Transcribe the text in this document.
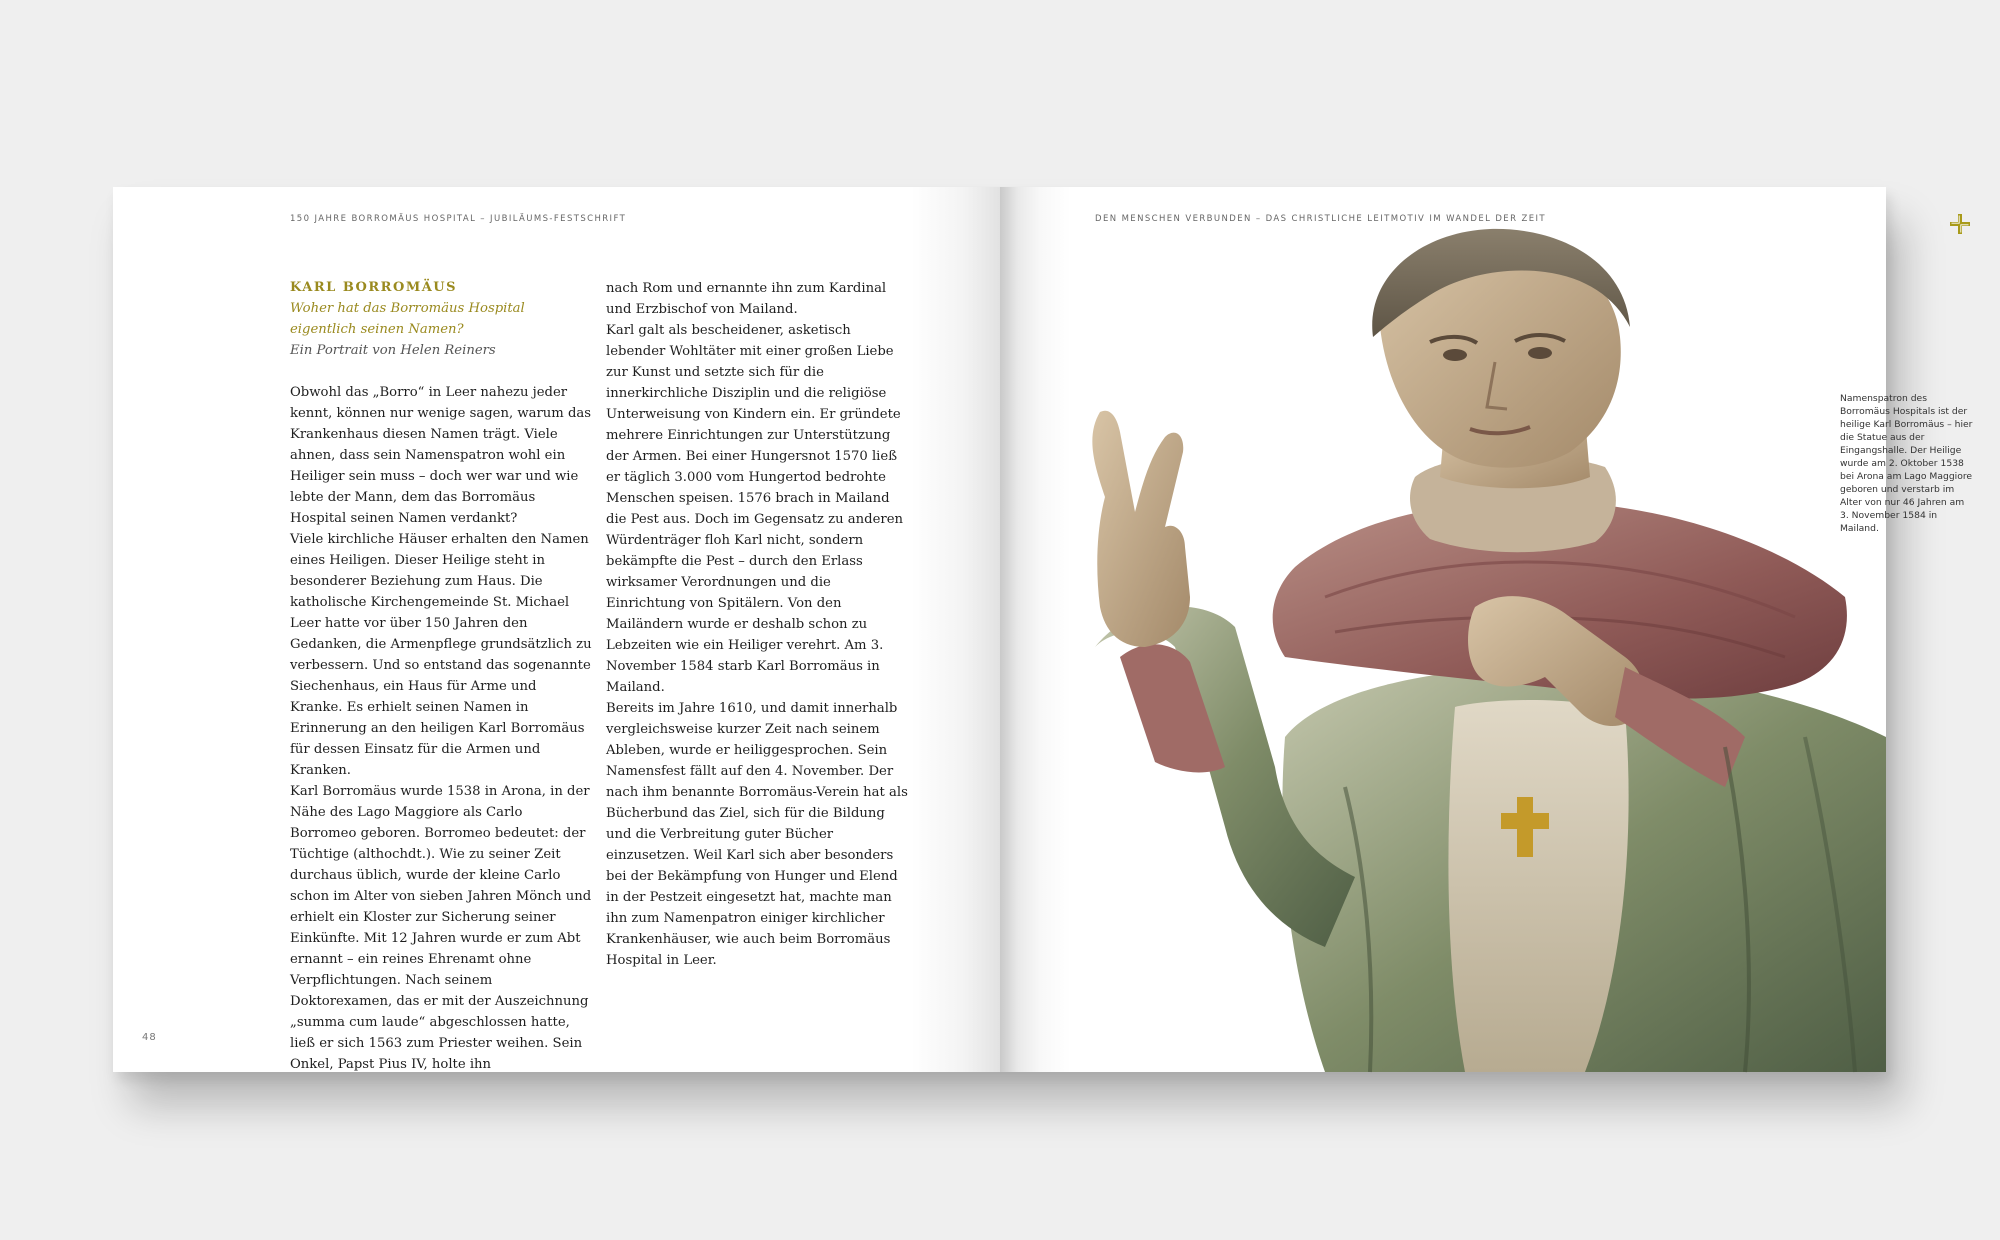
150 JAHRE BORROMÄUS HOSPITAL – JUBILÄUMS-FESTSCHRIFT
KARL BORROMÄUS
Woher hat das Borromäus Hospital
eigentlich seinen Namen?
Ein Portrait von Helen Reiners

Obwohl das „Borro“ in Leer nahezu jeder kennt, können nur wenige sagen, warum das Krankenhaus diesen Namen trägt. Viele ahnen, dass sein Namenspatron wohl ein Heiliger sein muss – doch wer war und wie lebte der Mann, dem das Borromäus Hospital seinen Namen verdankt?

Viele kirchliche Häuser erhalten den Namen eines Heiligen. Dieser Heilige steht in besonderer Beziehung zum Haus. Die katholische Kirchengemeinde St. Michael Leer hatte vor über 150 Jahren den Gedanken, die Armenpflege grundsätzlich zu verbessern. Und so entstand das sogenannte Siechenhaus, ein Haus für Arme und Kranke. Es erhielt seinen Namen in Erinnerung an den heiligen Karl Borromäus für dessen Einsatz für die Armen und Kranken.

Karl Borromäus wurde 1538 in Arona, in der Nähe des Lago Maggiore als Carlo Borromeo geboren. Borromeo bedeutet: der Tüchtige (althochdt.). Wie zu seiner Zeit durchaus üblich, wurde der kleine Carlo schon im Alter von sieben Jahren Mönch und erhielt ein Kloster zur Sicherung seiner Einkünfte. Mit 12 Jahren wurde er zum Abt ernannt – ein reines Ehrenamt ohne Verpflichtungen. Nach seinem Doktorexamen, das er mit der Auszeichnung „summa cum laude“ abgeschlossen hatte, ließ er sich 1563 zum Priester weihen. Sein Onkel, Papst Pius IV, holte ihn

nach Rom und ernannte ihn zum Kardinal und Erzbischof von Mailand.

Karl galt als bescheidener, asketisch lebender Wohltäter mit einer großen Liebe zur Kunst und setzte sich für die innerkirchliche Disziplin und die religiöse Unterweisung von Kindern ein. Er gründete mehrere Einrichtungen zur Unterstützung der Armen. Bei einer Hungersnot 1570 ließ er täglich 3.000 vom Hungertod bedrohte Menschen speisen. 1576 brach in Mailand die Pest aus. Doch im Gegensatz zu anderen Würdenträger floh Karl nicht, sondern bekämpfte die Pest – durch den Erlass wirksamer Verordnungen und die Einrichtung von Spitälern. Von den Mailändern wurde er deshalb schon zu Lebzeiten wie ein Heiliger verehrt. Am 3. November 1584 starb Karl Borromäus in Mailand.

Bereits im Jahre 1610, und damit innerhalb vergleichsweise kurzer Zeit nach seinem Ableben, wurde er heiliggesprochen. Sein Namensfest fällt auf den 4. November. Der nach ihm benannte Borromäus-Verein hat als Bücherbund das Ziel, sich für die Bildung und die Verbreitung guter Bücher einzusetzen. Weil Karl sich aber besonders bei der Bekämpfung von Hunger und Elend in der Pestzeit eingesetzt hat, machte man ihn zum Namenpatron einiger kirchlicher Krankenhäuser, wie auch beim Borromäus Hospital in Leer.

48
DEN MENSCHEN VERBUNDEN – DAS CHRISTLICHE LEITMOTIV IM WANDEL DER ZEIT
Namenspatron des Borromäus Hospitals ist der heilige Karl Borromäus – hier die Statue aus der Eingangshalle. Der Heilige wurde am 2. Oktober 1538 bei Arona am Lago Maggiore geboren und verstarb im Alter von nur 46 Jahren am 3. November 1584 in Mailand.
